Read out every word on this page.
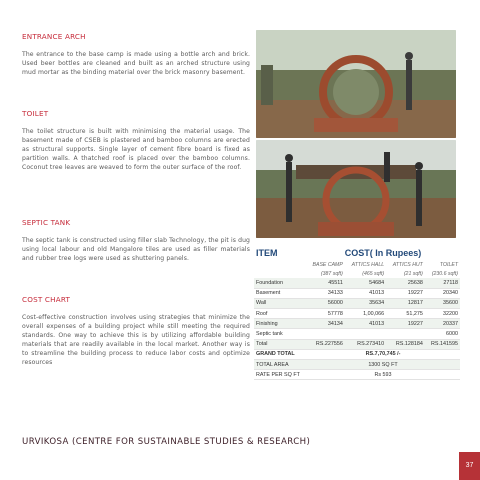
ENTRANCE ARCH
The entrance to the base camp is made using a bottle arch and brick. Used beer bottles are cleaned and built as an arched structure using mud mortar as the binding material over the brick masonry basement.
TOILET
The toilet structure is built with minimising the material usage. The basement made of CSEB is plastered and bamboo columns are erected as structural supports. Single layer of cement fibre board is fixed as partition walls. A thatched roof is placed over the bamboo columns. Coconut tree leaves are weaved to form the outer surface of the roof.
SEPTIC TANK
The septic tank is constructed using filler slab Technology, the pit is dug using local labour and old Mangalore tiles are used as filler materials and rubber tree logs were used as shuttering panels.
COST CHART
Cost-effective construction involves using strategies that minimize the overall expenses of a building project while still meeting the required standards. One way to achieve this is by utilizing affordable building materials that are readily available in the local market. Another way is to streamline the building process to reduce labor costs and optimize resources
ITEM	COST( In Rupees)			
	BASE CAMP	ATTICS HALL	ATTICS HUT	TOILET
	(387 sqft)	(465 sqft)	(21 sqft)	(230.6 sqft)
Foundation	45511	54684	25638	27118
Basement	34133	41013	19227	20340
Wall	56000	35634	12817	35600
Roof	57778	1,00,066	51,275	32200
Finishing	34134	41013	19227	20337
Septic tank				6000
Total	RS.227556	RS.273410	RS.128184	RS.141595
GRAND TOTAL	RS.7,70,745 /-			
TOTAL AREA	1300 SQ FT			
RATE PER SQ FT	Rs 593			
URVIKOSA (CENTRE FOR SUSTAINABLE STUDIES & RESEARCH)
37
